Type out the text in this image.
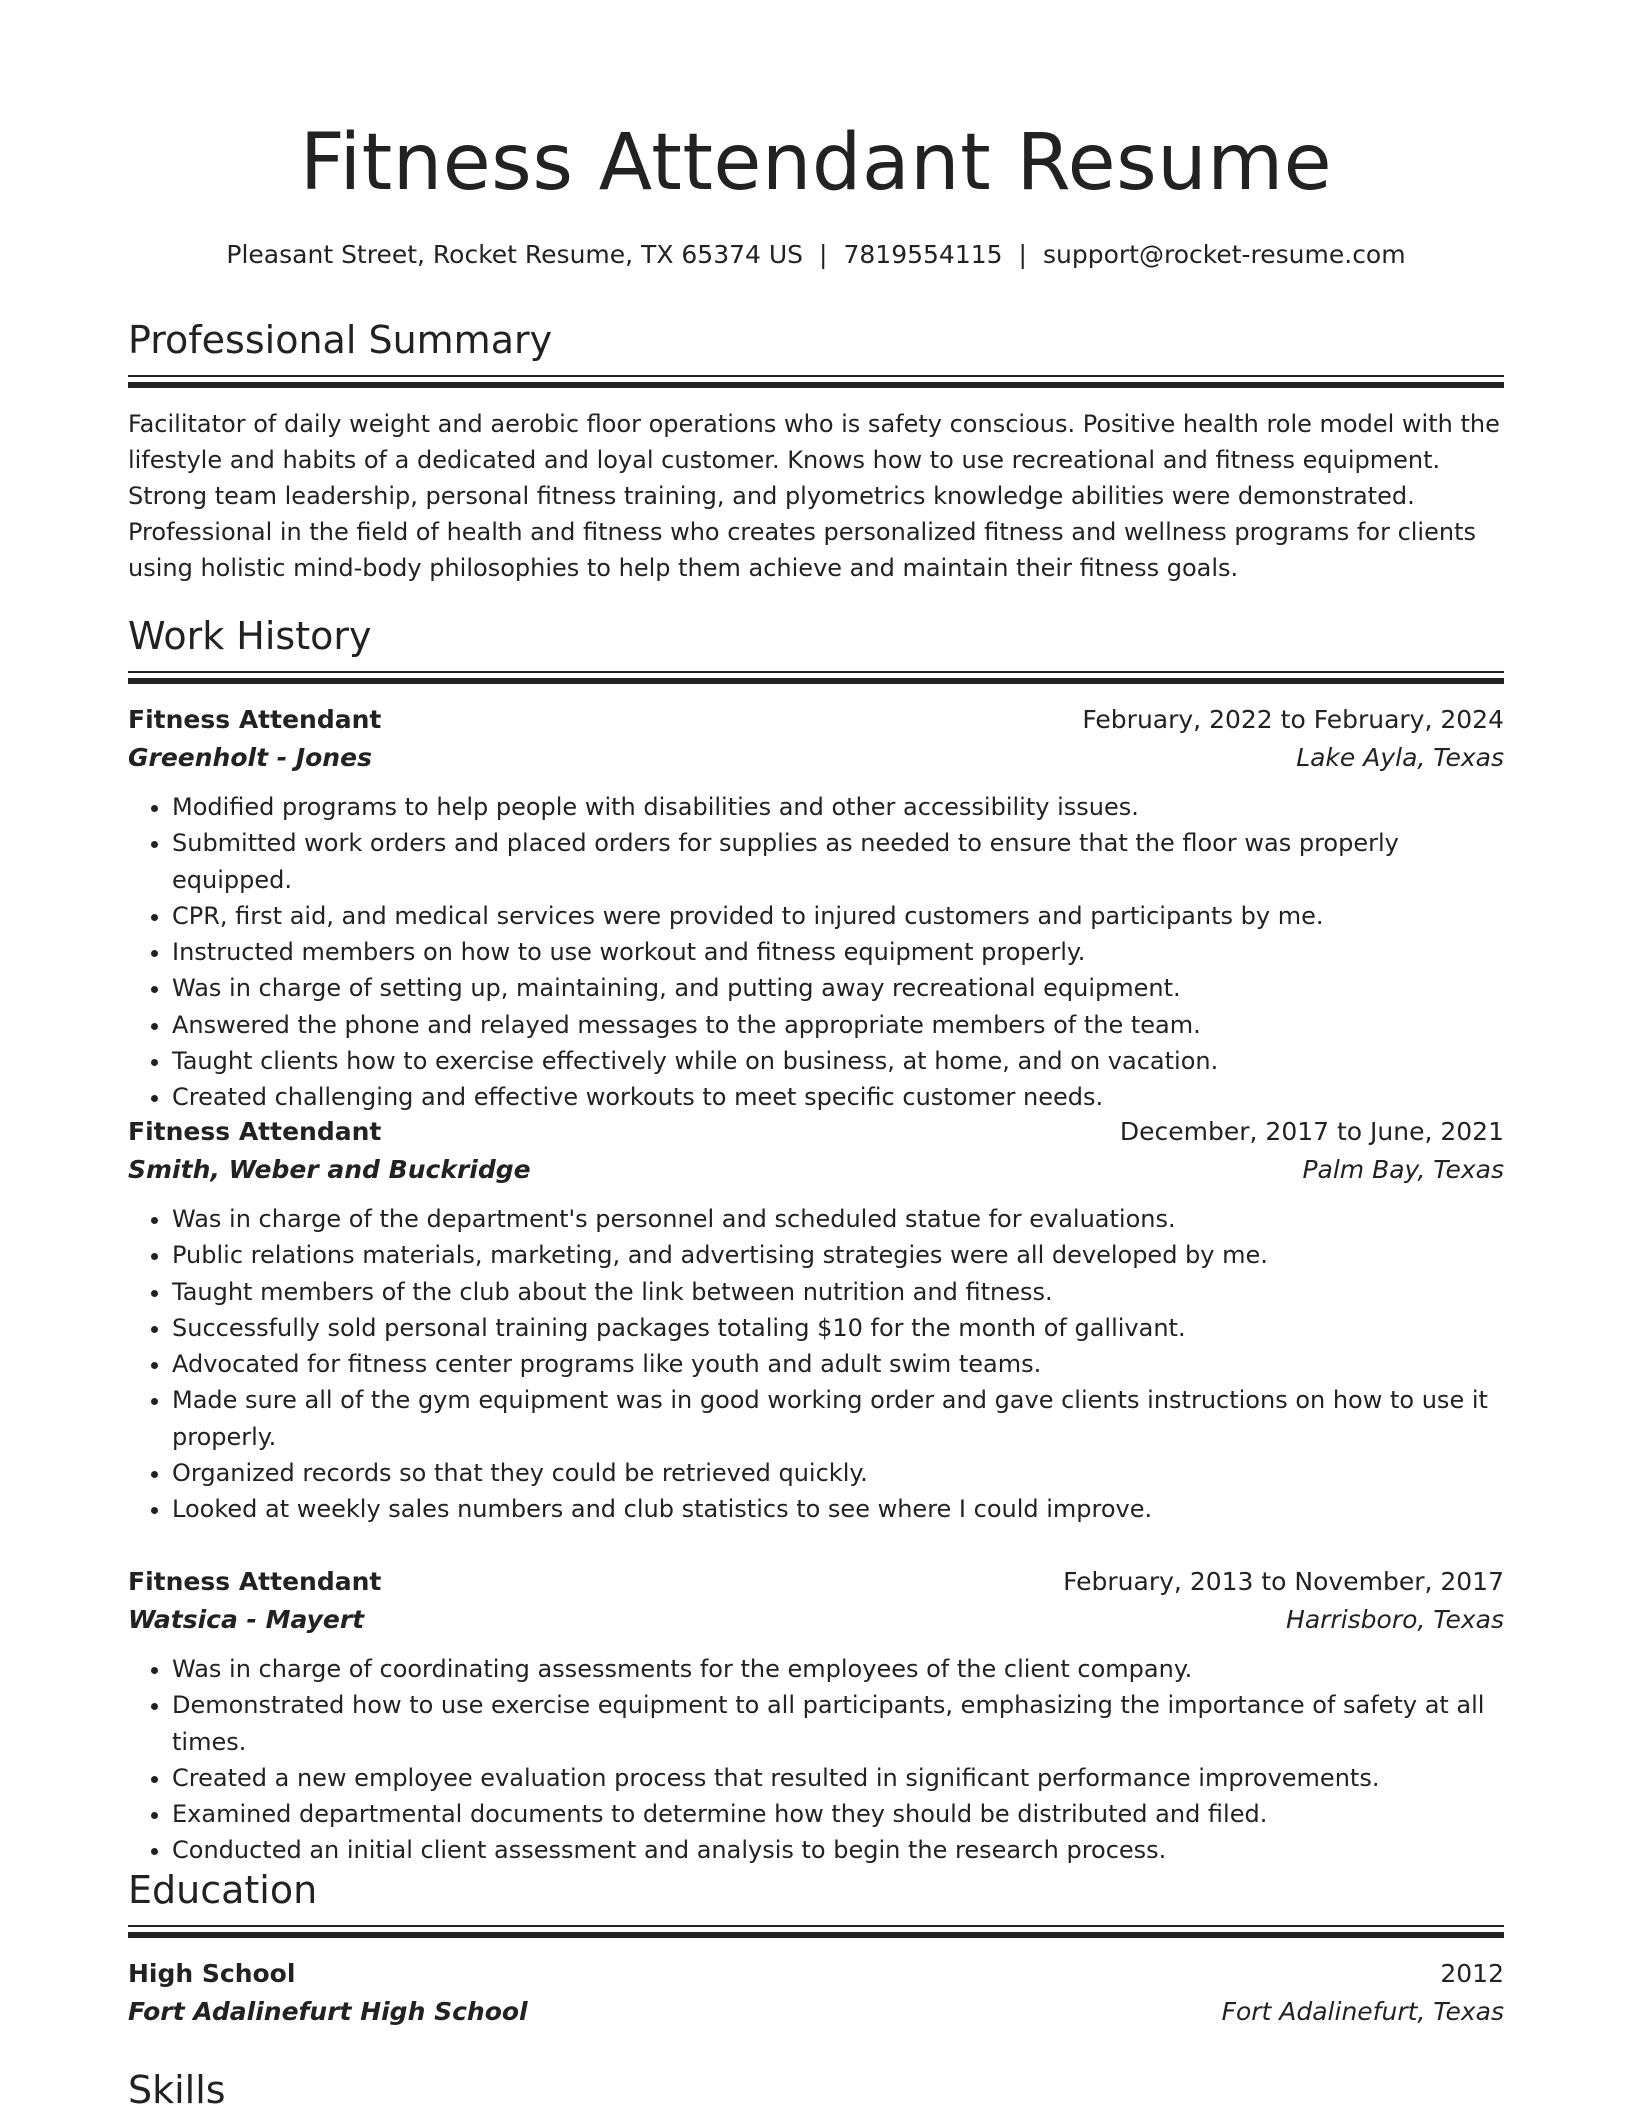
Fitness Attendant Resume
Pleasant Street, Rocket Resume, TX 65374 US | 7819554115 | support@rocket-resume.com
Professional Summary

Facilitator of daily weight and aerobic floor operations who is safety conscious. Positive health role model with the lifestyle and habits of a dedicated and loyal customer. Knows how to use recreational and fitness equipment. Strong team leadership, personal fitness training, and plyometrics knowledge abilities were demonstrated. Professional in the field of health and fitness who creates personalized fitness and wellness programs for clients using holistic mind-body philosophies to help them achieve and maintain their fitness goals.

Work History
Fitness Attendant	February, 2022 to February, 2024
Greenholt - Jones	Lake Ayla, Texas
• Modified programs to help people with disabilities and other accessibility issues.
• Submitted work orders and placed orders for supplies as needed to ensure that the floor was properly equipped.
• CPR, first aid, and medical services were provided to injured customers and participants by me.
• Instructed members on how to use workout and fitness equipment properly.
• Was in charge of setting up, maintaining, and putting away recreational equipment.
• Answered the phone and relayed messages to the appropriate members of the team.
• Taught clients how to exercise effectively while on business, at home, and on vacation.
• Created challenging and effective workouts to meet specific customer needs.
Fitness Attendant	December, 2017 to June, 2021
Smith, Weber and Buckridge	Palm Bay, Texas
• Was in charge of the department's personnel and scheduled statue for evaluations.
• Public relations materials, marketing, and advertising strategies were all developed by me.
• Taught members of the club about the link between nutrition and fitness.
• Successfully sold personal training packages totaling $10 for the month of gallivant.
• Advocated for fitness center programs like youth and adult swim teams.
• Made sure all of the gym equipment was in good working order and gave clients instructions on how to use it properly.
• Organized records so that they could be retrieved quickly.
• Looked at weekly sales numbers and club statistics to see where I could improve.
Fitness Attendant	February, 2013 to November, 2017
Watsica - Mayert	Harrisboro, Texas
• Was in charge of coordinating assessments for the employees of the client company.
• Demonstrated how to use exercise equipment to all participants, emphasizing the importance of safety at all times.
• Created a new employee evaluation process that resulted in significant performance improvements.
• Examined departmental documents to determine how they should be distributed and filed.
• Conducted an initial client assessment and analysis to begin the research process.
Education
High School	2012
Fort Adalinefurt High School	Fort Adalinefurt, Texas
Skills
